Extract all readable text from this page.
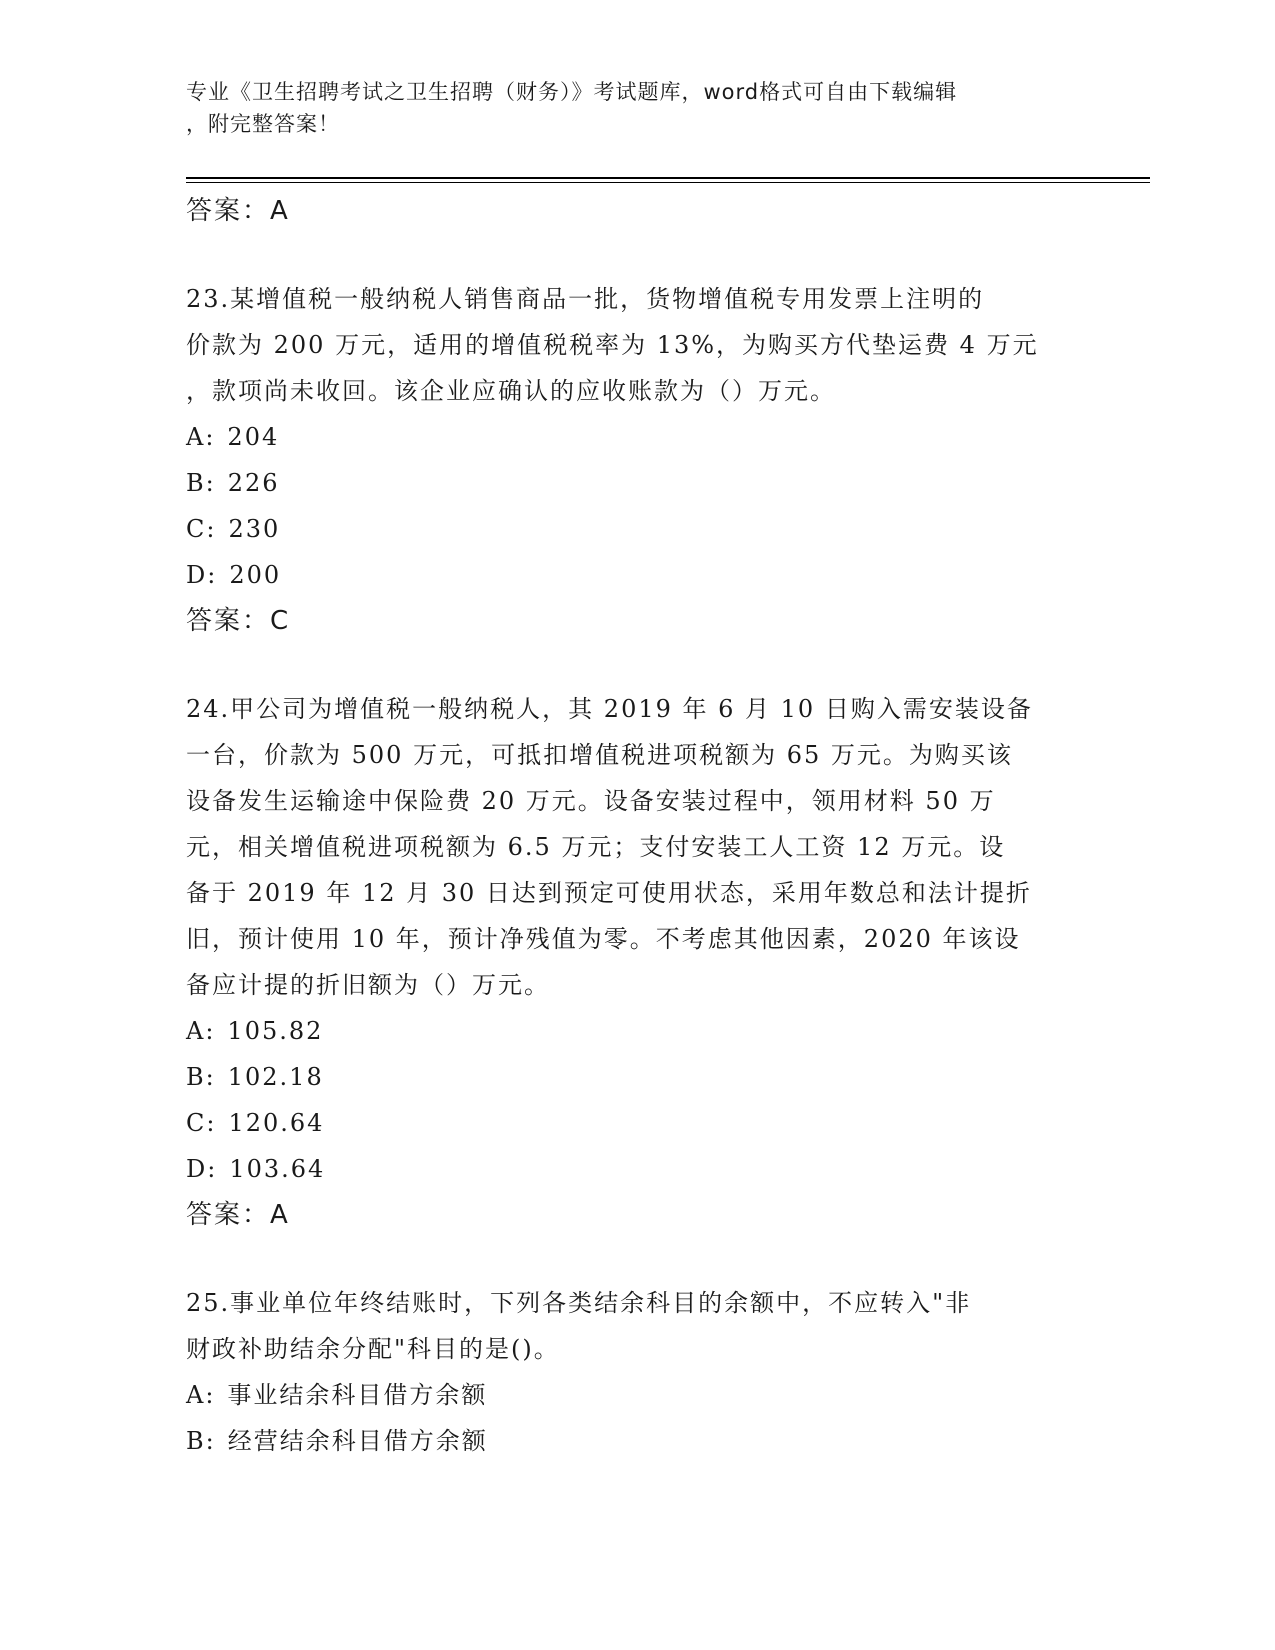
专业《卫生招聘考试之卫生招聘（财务）》考试题库，word格式可自由下载编辑
，附完整答案！
答案：A
23.某增值税一般纳税人销售商品一批，货物增值税专用发票上注明的
价款为 200 万元，适用的增值税税率为 13%，为购买方代垫运费 4 万元
，款项尚未收回。该企业应确认的应收账款为（）万元。
A: 204
B: 226
C: 230
D: 200
答案：C
24.甲公司为增值税一般纳税人，其 2019 年 6 月 10 日购入需安装设备
一台，价款为 500 万元，可抵扣增值税进项税额为 65 万元。为购买该
设备发生运输途中保险费 20 万元。设备安装过程中，领用材料 50 万
元，相关增值税进项税额为 6.5 万元；支付安装工人工资 12 万元。设
备于 2019 年 12 月 30 日达到预定可使用状态，采用年数总和法计提折
旧，预计使用 10 年，预计净残值为零。不考虑其他因素，2020 年该设
备应计提的折旧额为（）万元。
A: 105.82
B: 102.18
C: 120.64
D: 103.64
答案：A
25.事业单位年终结账时，下列各类结余科目的余额中，不应转入"非
财政补助结余分配"科目的是()。
A: 事业结余科目借方余额
B: 经营结余科目借方余额
